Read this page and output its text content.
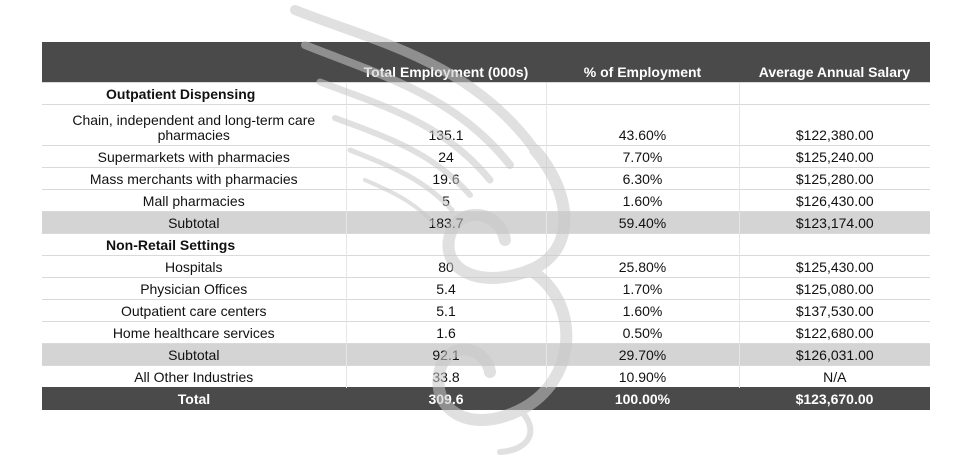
	Total Employment (000s)	% of Employment	Average Annual Salary
Outpatient Dispensing			
Chain, independent and long-term care pharmacies	135.1	43.60%	$122,380.00
Supermarkets with pharmacies	24	7.70%	$125,240.00
Mass merchants with pharmacies	19.6	6.30%	$125,280.00
Mall pharmacies	5	1.60%	$126,430.00
Subtotal	183.7	59.40%	$123,174.00
Non-Retail Settings			
Hospitals	80	25.80%	$125,430.00
Physician Offices	5.4	1.70%	$125,080.00
Outpatient care centers	5.1	1.60%	$137,530.00
Home healthcare services	1.6	0.50%	$122,680.00
Subtotal	92.1	29.70%	$126,031.00
All Other Industries	33.8	10.90%	N/A
Total	309.6	100.00%	$123,670.00
